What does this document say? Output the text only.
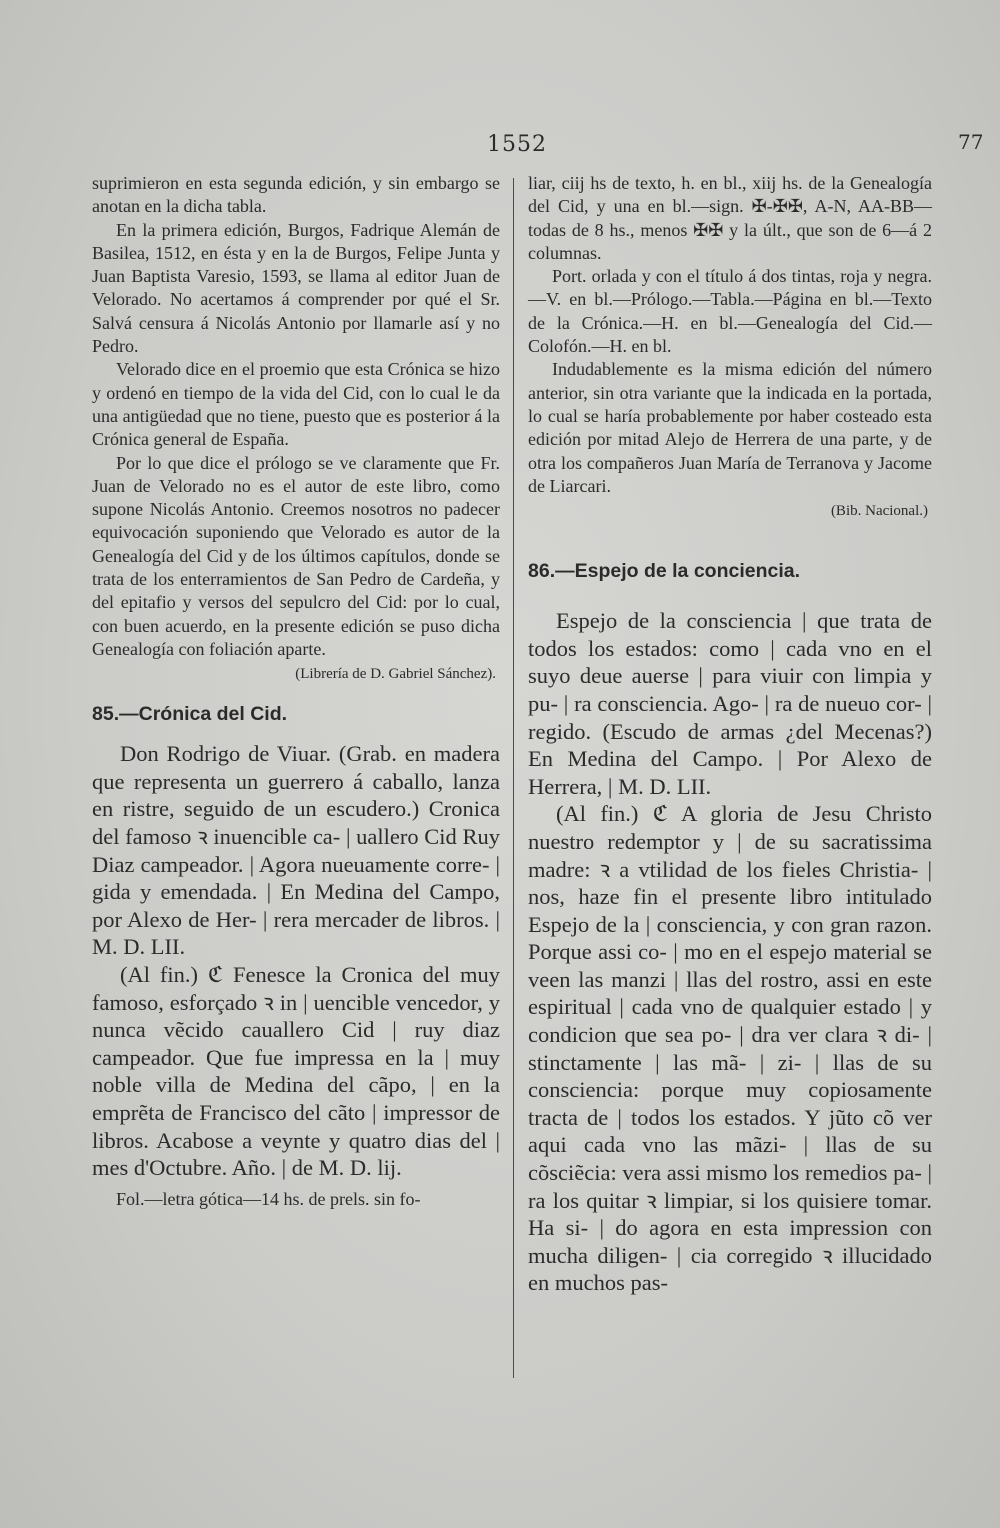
1552	77

suprimieron en esta segunda edición, y sin embargo se anotan en la dicha tabla.

En la primera edición, Burgos, Fadrique Alemán de Basilea, 1512, en ésta y en la de Burgos, Felipe Junta y Juan Baptista Varesio, 1593, se llama al editor Juan de Velorado. No acertamos á comprender por qué el Sr. Salvá censura á Nicolás Antonio por llamarle así y no Pedro.

Velorado dice en el proemio que esta Crónica se hizo y ordenó en tiempo de la vida del Cid, con lo cual le da una antigüedad que no tiene, puesto que es posterior á la Crónica general de España.

Por lo que dice el prólogo se ve claramente que Fr. Juan de Velorado no es el autor de este libro, como supone Nicolás Antonio. Creemos nosotros no padecer equivocación suponiendo que Velorado es autor de la Genealogía del Cid y de los últimos capítulos, donde se trata de los enterramientos de San Pedro de Cardeña, y del epitafio y versos del sepulcro del Cid: por lo cual, con buen acuerdo, en la presente edición se puso dicha Genealogía con foliación aparte.

(Librería de D. Gabriel Sánchez).

85.—Crónica del Cid.

Don Rodrigo de Viuar. (Grab. en madera que representa un guerrero á caballo, lanza en ristre, seguido de un escudero.) Cronica del famoso ꝛ inuencible ca- | uallero Cid Ruy Diaz campeador. | Agora nueuamente corre- | gida y emendada. | En Medina del Campo, por Alexo de Her- | rera mercader de libros. | M. D. LII.

(Al fin.) ℭ Fenesce la Cronica del muy famoso, esforçado ꝛ in | uencible vencedor, y nunca vẽcido cauallero Cid | ruy diaz campeador. Que fue impressa en la | muy noble villa de Medina del cãpo, | en la emprẽta de Francisco del cãto | impressor de libros. Acabose a veynte y quatro dias del | mes d'Octubre. Año. | de M. D. lij.

Fol.—letra gótica—14 hs. de prels. sin fo-

liar, ciij hs de texto, h. en bl., xiij hs. de la Genealogía del Cid, y una en bl.—sign. ✠-✠✠, A-N, AA-BB—todas de 8 hs., menos ✠✠ y la últ., que son de 6—á 2 columnas.

Port. orlada y con el título á dos tintas, roja y negra.—V. en bl.—Prólogo.—Tabla.—Página en bl.—Texto de la Crónica.—H. en bl.—Genealogía del Cid.—Colofón.—H. en bl.

Indudablemente es la misma edición del número anterior, sin otra variante que la indicada en la portada, lo cual se haría probablemente por haber costeado esta edición por mitad Alejo de Herrera de una parte, y de otra los compañeros Juan María de Terranova y Jacome de Liarcari.

(Bib. Nacional.)

86.—Espejo de la conciencia.

Espejo de la consciencia | que trata de todos los estados: como | cada vno en el suyo deue auerse | para viuir con limpia y pu- | ra consciencia. Ago- | ra de nueuo cor- | regido. (Escudo de armas ¿del Mecenas?) En Medina del Campo. | Por Alexo de Herrera, | M. D. LII.

(Al fin.) ℭ A gloria de Jesu Christo nuestro redemptor y | de su sacratissima madre: ꝛ a vtilidad de los fieles Christia- | nos, haze fin el presente libro intitulado Espejo de la | consciencia, y con gran razon. Porque assi co- | mo en el espejo material se veen las manzi | llas del rostro, assi en este espiritual | cada vno de qualquier estado | y condicion que sea po- | dra ver clara ꝛ di- | stinctamente | las mã- | zi- | llas de su consciencia: porque muy copiosamente tracta de | todos los estados. Y jũto cõ ver aqui cada vno las mãzi- | llas de su cõsciẽcia: vera assi mismo los remedios pa- | ra los quitar ꝛ limpiar, si los quisiere tomar. Ha si- | do agora en esta impression con mucha diligen- | cia corregido ꝛ illucidado en muchos pas-
